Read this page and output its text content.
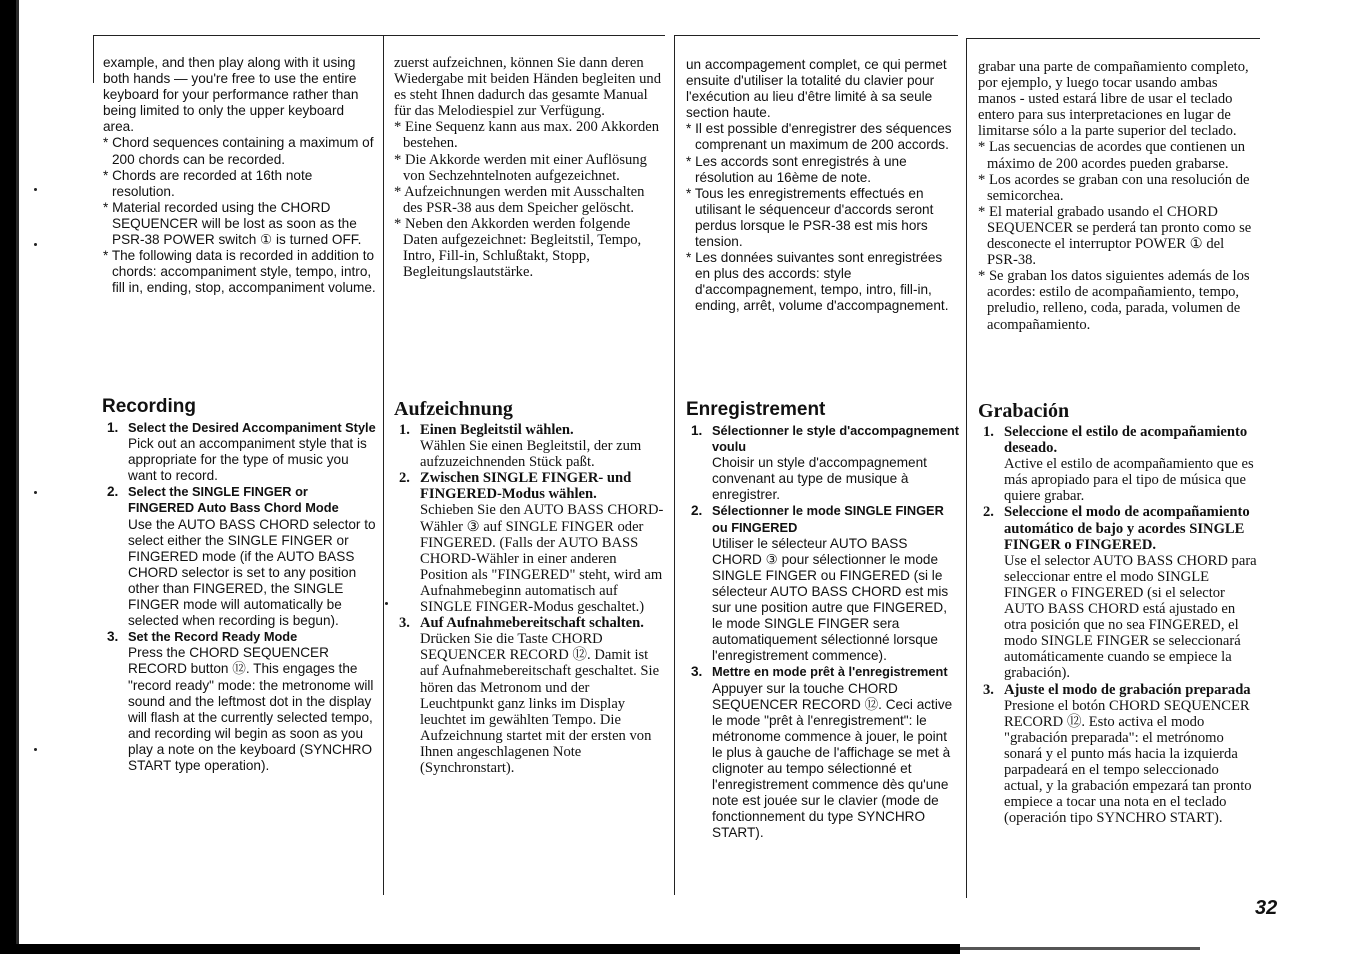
example, and then play along with it using both hands — you're free to use the entire keyboard for your performance rather than being limited to only the upper keyboard area.

* Chord sequences containing a maximum of 200 chords can be recorded.

* Chords are recorded at 16th note resolution.

* Material recorded using the CHORD SEQUENCER will be lost as soon as the PSR-38 POWER switch ① is turned OFF.

* The following data is recorded in addition to chords: accompaniment style, tempo, intro, fill in, ending, stop, accompaniment volume.

Recording
1. Select the Desired Accompaniment Style
Pick out an accompaniment style that is appropriate for the type of music you want to record.
2. Select the SINGLE FINGER or FINGERED Auto Bass Chord Mode
Use the AUTO BASS CHORD selector to select either the SINGLE FINGER or FINGERED mode (if the AUTO BASS CHORD selector is set to any position other than FINGERED, the SINGLE FINGER mode will automatically be selected when recording is begun).
3. Set the Record Ready Mode
Press the CHORD SEQUENCER RECORD button ⑫. This engages the "record ready" mode: the metronome will sound and the leftmost dot in the display will flash at the currently selected tempo, and recording wil begin as soon as you play a note on the keyboard (SYNCHRO START type operation).

zuerst aufzeichnen, können Sie dann deren Wiedergabe mit beiden Händen begleiten und es steht Ihnen dadurch das gesamte Manual für das Melodiespiel zur Verfügung.

* Eine Sequenz kann aus max. 200 Akkorden bestehen.

* Die Akkorde werden mit einer Auflösung von Sechzehntelnoten aufgezeichnet.

* Aufzeichnungen werden mit Ausschalten des PSR-38 aus dem Speicher gelöscht.

* Neben den Akkorden werden folgende Daten aufgezeichnet: Begleitstil, Tempo, Intro, Fill-in, Schlußtakt, Stopp, Begleitungslautstärke.

Aufzeichnung
1. Einen Begleitstil wählen.
Wählen Sie einen Begleitstil, der zum aufzuzeichnenden Stück paßt.
2. Zwischen SINGLE FINGER- und FINGERED-Modus wählen.
Schieben Sie den AUTO BASS CHORD-Wähler ③ auf SINGLE FINGER oder FINGERED. (Falls der AUTO BASS CHORD-Wähler in einer anderen Position als "FINGERED" steht, wird am Aufnahmebeginn automatisch auf SINGLE FINGER-Modus geschaltet.)
3. Auf Aufnahmebereitschaft schalten.
Drücken Sie die Taste CHORD SEQUENCER RECORD ⑫. Damit ist auf Aufnahmebereitschaft geschaltet. Sie hören das Metronom und der Leuchtpunkt ganz links im Display leuchtet im gewählten Tempo. Die Aufzeichnung startet mit der ersten von Ihnen angeschlagenen Note (Synchronstart).

un accompagement complet, ce qui permet ensuite d'utiliser la totalité du clavier pour l'exécution au lieu d'être limité à sa seule section haute.

* Il est possible d'enregistrer des séquences comprenant un maximum de 200 accords.

* Les accords sont enregistrés à une résolution au 16ème de note.

* Tous les enregistrements effectués en utilisant le séquenceur d'accords seront perdus lorsque le PSR-38 est mis hors tension.

* Les données suivantes sont enregistrées en plus des accords: style d'accompagnement, tempo, intro, fill-in, ending, arrêt, volume d'accompagnement.

Enregistrement
1. Sélectionner le style d'accompagnement voulu
Choisir un style d'accompagnement convenant au type de musique à enregistrer.
2. Sélectionner le mode SINGLE FINGER ou FINGERED
Utiliser le sélecteur AUTO BASS CHORD ③ pour sélectionner le mode SINGLE FINGER ou FINGERED (si le sélecteur AUTO BASS CHORD est mis sur une position autre que FINGERED, le mode SINGLE FINGER sera automatiquement sélectionné lorsque l'enregistrement commence).
3. Mettre en mode prêt à l'enregistrement
Appuyer sur la touche CHORD SEQUENCER RECORD ⑫. Ceci active le mode "prêt à l'enregistrement": le métronome commence à jouer, le point le plus à gauche de l'affichage se met à clignoter au tempo sélectionné et l'enregistrement commence dès qu'une note est jouée sur le clavier (mode de fonctionnement du type SYNCHRO START).

grabar una parte de compañamiento completo, por ejemplo, y luego tocar usando ambas manos - usted estará libre de usar el teclado entero para sus interpretaciones en lugar de limitarse sólo a la parte superior del teclado.

* Las secuencias de acordes que contienen un máximo de 200 acordes pueden grabarse.

* Los acordes se graban con una resolución de semicorchea.

* El material grabado usando el CHORD SEQUENCER se perderá tan pronto como se desconecte el interruptor POWER ① del PSR-38.

* Se graban los datos siguientes además de los acordes: estilo de acompañamiento, tempo, preludio, relleno, coda, parada, volumen de acompañamiento.

Grabación
1. Seleccione el estilo de acompañamiento deseado.
Active el estilo de acompañamiento que es más apropiado para el tipo de música que quiere grabar.
2. Seleccione el modo de acompañamiento automático de bajo y acordes SINGLE FINGER o FINGERED.
Use el selector AUTO BASS CHORD para seleccionar entre el modo SINGLE FINGER o FINGERED (si el selector AUTO BASS CHORD está ajustado en otra posición que no sea FINGERED, el modo SINGLE FINGER se seleccionará automáticamente cuando se empiece la grabación).
3. Ajuste el modo de grabación preparada
Presione el botón CHORD SEQUENCER RECORD ⑫. Esto activa el modo "grabación preparada": el metrónomo sonará y el punto más hacia la izquierda parpadeará en el tempo seleccionado actual, y la grabación empezará tan pronto empiece a tocar una nota en el teclado (operación tipo SYNCHRO START).
32
